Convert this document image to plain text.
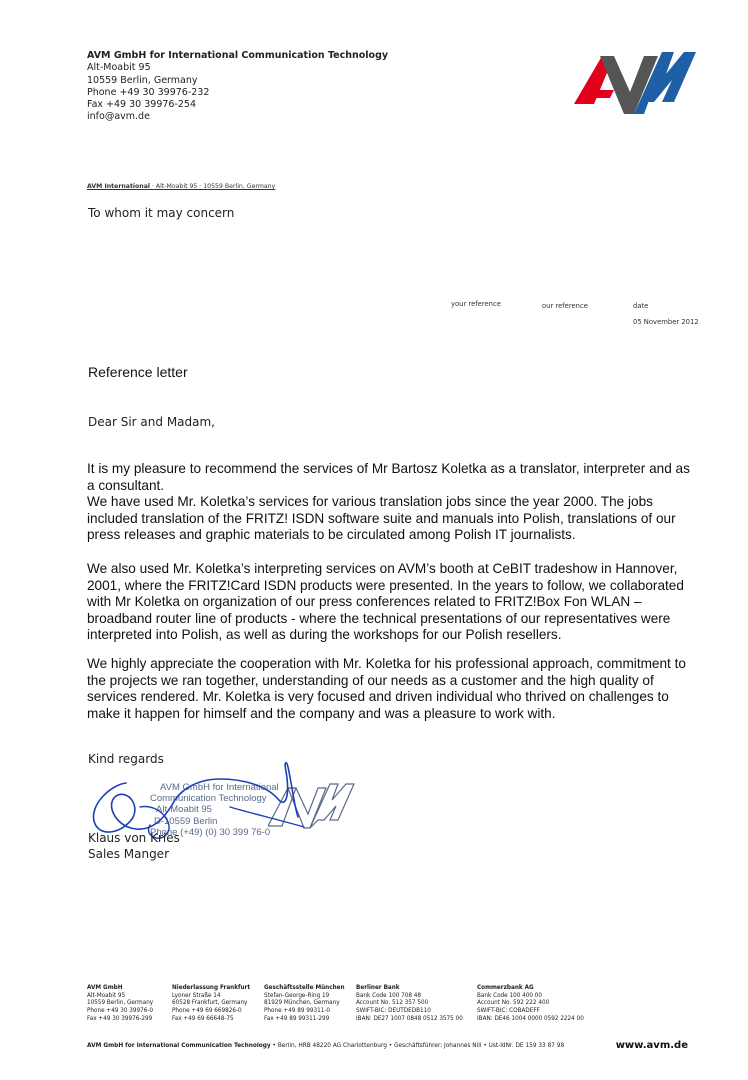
AVM GmbH for International Communication Technology
Alt-Moabit 95
10559 Berlin, Germany
Phone +49 30 39976-232
Fax +49 30 39976-254
info@avm.de
AVM International · Alt-Moabit 95 · 10559 Berlin, Germany
To whom it may concern
your reference	our reference	date
05 November 2012
Reference letter
Dear Sir and Madam,

It is my pleasure to recommend the services of Mr Bartosz Koletka as a translator, interpreter and as a consultant.

We have used Mr. Koletka’s services for various translation jobs since the year 2000. The jobs included translation of the FRITZ! ISDN software suite and manuals into Polish, translations of our press releases and graphic materials to be circulated among Polish IT journalists.

We also used Mr. Koletka’s interpreting services on AVM’s booth at CeBIT tradeshow in Hannover, 2001, where the FRITZ!Card ISDN products were presented. In the years to follow, we collaborated with Mr Koletka on organization of our press conferences related to FRITZ!Box Fon WLAN – broadband router line of products - where the technical presentations of our representatives were interpreted into Polish, as well as during the workshops for our Polish resellers.

We highly appreciate the cooperation with Mr. Koletka for his professional approach, commitment to the projects we ran together, understanding of our needs as a customer and the high quality of services rendered. Mr. Koletka is very focused and driven individual who thrived on challenges to make it happen for himself and the company and was a pleasure to work with.

Kind regards
AVM GmbH for International
Communication Technology
Alt-Moabit 95
D-10559 Berlin
Phone (+49) (0) 30 399 76-0
Klaus von Kries
Sales Manger
AVM GmbH
Alt-Moabit 95
10559 Berlin, Germany
Phone +49 30 39976-0
Fax +49 30 39976-299
Niederlassung Frankfurt
Lyoner Straße 14
60528 Frankfurt, Germany
Phone +49 69 669826-0
Fax +49 69 66648-75
Geschäftsstelle München
Stefan-George-Ring 19
81929 München, Germany
Phone +49 89 99311-0
Fax +49 89 99311-299
Berliner Bank
Bank Code 100 708 48
Account No. 512 357 500
SWIFT-BIC: DEUTDEDB110
IBAN: DE27 1007 0848 0512 3575 00
Commerzbank AG
Bank Code 100 400 00
Account No. 592 222 400
SWIFT-BIC: COBADEFF
IBAN: DE46 1004 0000 0592 2224 00
AVM GmbH for International Communication Technology • Berlin, HRB 48220 AG Charlottenburg • Geschäftsführer: Johannes Nill • Ust-IdNr. DE 159 33 87 98	www.avm.de
